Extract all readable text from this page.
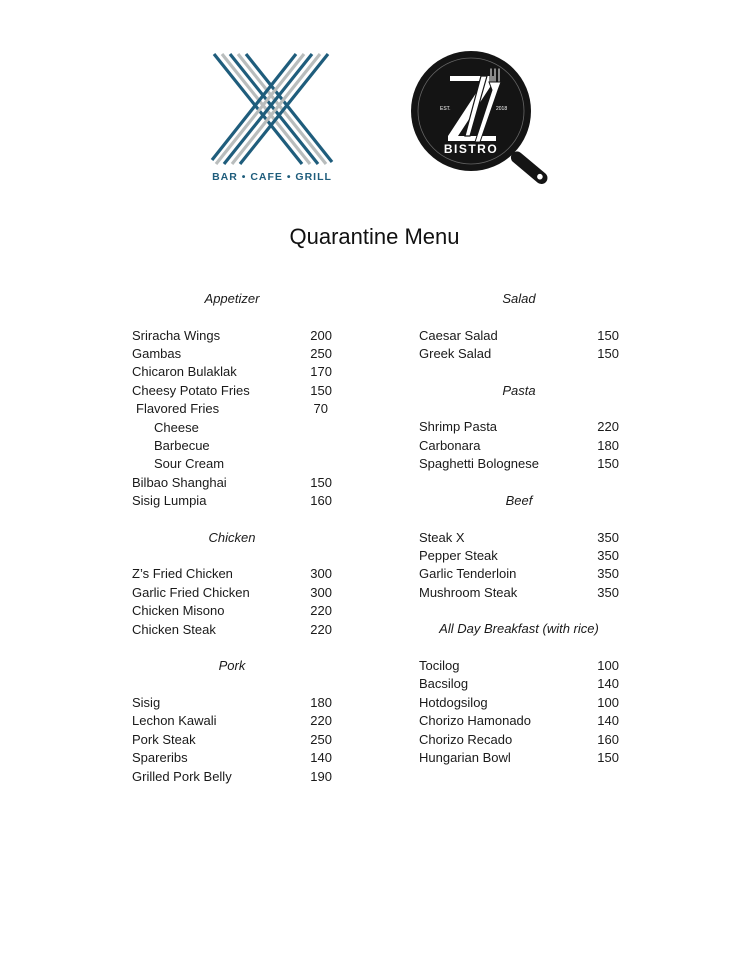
BAR • CAFE • GRILL
EST.	2018
BISTRO
Quarantine Menu
Appetizer
Sriracha Wings	200
Gambas	250
Chicaron Bulaklak	170
Cheesy Potato Fries	150
Flavored Fries	70
Cheese
Barbecue
Sour Cream
Bilbao Shanghai	150
Sisig Lumpia	160
Chicken
Z’s Fried Chicken	300
Garlic Fried Chicken	300
Chicken Misono	220
Chicken Steak	220
Pork
Sisig	180
Lechon Kawali	220
Pork Steak	250
Spareribs	140
Grilled Pork Belly	190
Salad
Caesar Salad	150
Greek Salad	150
Pasta
Shrimp Pasta	220
Carbonara	180
Spaghetti Bolognese	150
Beef
Steak X	350
Pepper Steak	350
Garlic Tenderloin	350
Mushroom Steak	350
All Day Breakfast (with rice)
Tocilog	100
Bacsilog	140
Hotdogsilog	100
Chorizo Hamonado	140
Chorizo Recado	160
Hungarian Bowl	150
